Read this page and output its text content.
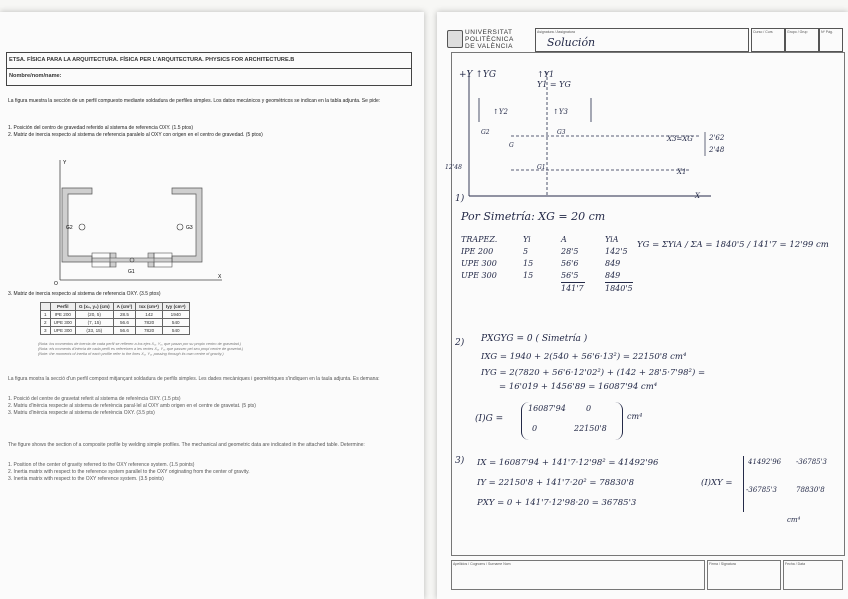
ETSA. FÍSICA PARA LA ARQUITECTURA. FÍSICA PER L'ARQUITECTURA. PHYSICS FOR ARCHITECTURE.B
Nombre/nom/name:
La figura muestra la sección de un perfil compuesto mediante soldadura de perfiles simples. Los datos mecánicos y geométricos se indican en la tabla adjunta. Se pide:
1. Posición del centro de gravedad referido al sistema de referencia OXY. (1.5 ptos)
2. Matriz de inercia respecto al sistema de referencia paralelo al OXY con origen en el centro de gravedad. (5 ptos)
G2	G3
G1
O
X
Y
3. Matriz de inercia respecto al sistema de referencia OXY. (3.5 ptos)
	Perfil	G (x₀, y₀) (cm)	A (cm²)	Ixx (cm⁴)	Iyy (cm⁴)
1	IPE 200	(20, 5)	28.5	142	1940
2	UPE 300	(7, 15)	56.6	7820	540
3	UPE 300	(33, 15)	56.6	7820	540
(Nota: los momentos de inercia de cada perfil se refieren a los ejes X₀, Y₀, que pasan por su propio centro de gravedad.)
(Nota: els moments d'inèrcia de cada perfil es refereixen a les rectes X₀, Y₀, que passen pel seu propi centre de gravetat.)
(Note: the moments of inertia of each profile refer to the lines X₀, Y₀, passing through its own centre of gravity.)
La figura mostra la secció d'un perfil compost mitjançant soldadura de perfils simples. Les dades mecàniques i geomètriques s'indiquen en la taula adjunta. Es demana:
1. Posició del centre de gravetat referit al sistema de referència OXY. (1.5 pts)
2. Matriu d'inèrcia respecte al sistema de referència paral·lel al OXY amb origen en el centre de gravetat. (5 pts)
3. Matriu d'inèrcia respecte al sistema de referència OXY. (3.5 pts)
The figure shows the section of a composite profile by welding simple profiles. The mechanical and geometric data are indicated in the attached table. Determine:
1. Position of the center of gravity referred to the OXY reference system. (1.5 points)
2. Inertia matrix with respect to the reference system parallel to the OXY originating from the center of gravity.
3. Inertia matrix with respect to the OXY reference system. (3.5 points)
UNIVERSITAT
POLITÈCNICA
DE VALÈNCIA
Asignatura / Assignatura
Solución
Curso / Curs	Grupo / Grup	Nº Pág.
+Y ↑YG	↑Y1
Y1 = YG
↑Y2	↑Y3
G2	G3
G
G1
X3=XG
X1
X
2'62
2'48
12'48
1)
Por Simetría: XG = 20 cm
TRAPEZ.	Yi	A	YiA
IPE 200	5	28'5	142'5
UPE 300	15	56'6	849
UPE 300	15	56'5	849
141'7	1840'5
YG = ΣYiA / ΣA = 1840'5 / 141'7 = 12'99 cm
2) PXGYG = 0 ( Simetría )
IXG = 1940 + 2(540 + 56'6·13²) = 22150'8 cm⁴
IYG = 2(7820 + 56'6·12'02²) + (142 + 28'5·7'98²) =
= 16'019 + 1456'89 = 16087'94 cm⁴
(I)G =
16087'94	0
0	22150'8
cm⁴
3) IX = 16087'94 + 141'7·12'98² = 41492'96
IY = 22150'8 + 141'7·20² = 78830'8
PXY = 0 + 141'7·12'98·20 = 36785'3
(I)XY =
41492'96 -36785'3
-36785'3	78830'8
cm⁴
Apellidos / Cognoms / Surname Nom	Firma / Signatura	Fecha / Data
